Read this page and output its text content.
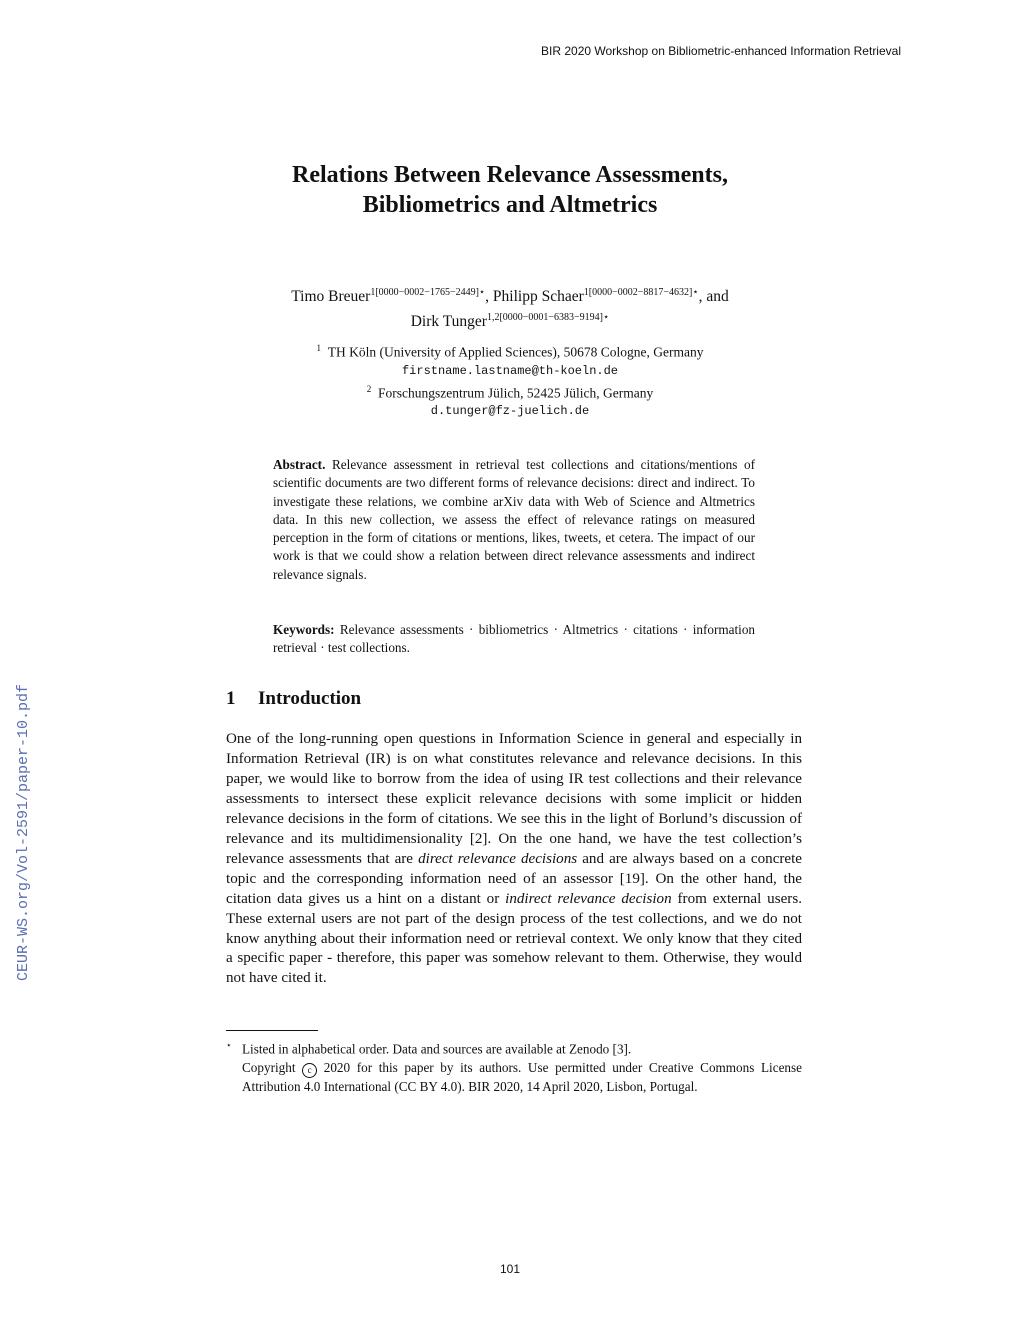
BIR 2020 Workshop on Bibliometric-enhanced Information Retrieval
CEUR-WS.org/Vol-2591/paper-10.pdf
Relations Between Relevance Assessments,
Bibliometrics and Altmetrics
Timo Breuer$^{1[0000-0002-1765-2449]⋆}$, Philipp Schaer$^{1[0000-0002-8817-4632]⋆}$, and
Dirk Tunger$^{1,2[0000-0001-6383-9194]⋆}$
$^1$ TH Köln (University of Applied Sciences), 50678 Cologne, Germany
firstname.lastname@th-koeln.de
$^2$ Forschungszentrum Jülich, 52425 Jülich, Germany
d.tunger@fz-juelich.de
Abstract. Relevance assessment in retrieval test collections and citations/mentions of scientific documents are two different forms of relevance decisions: direct and indirect. To investigate these relations, we combine arXiv data with Web of Science and Altmetrics data. In this new collection, we assess the effect of relevance ratings on measured perception in the form of citations or mentions, likes, tweets, et cetera. The impact of our work is that we could show a relation between direct relevance assessments and indirect relevance signals.
Keywords: Relevance assessments · bibliometrics · Altmetrics · citations · information retrieval · test collections.
1 Introduction
One of the long-running open questions in Information Science in general and especially in Information Retrieval (IR) is on what constitutes relevance and relevance decisions. In this paper, we would like to borrow from the idea of using IR test collections and their relevance assessments to intersect these explicit relevance decisions with some implicit or hidden relevance decisions in the form of citations. We see this in the light of Borlund’s discussion of relevance and its multidimensionality [2]. On the one hand, we have the test collection’s relevance assessments that are direct relevance decisions and are always based on a concrete topic and the corresponding information need of an assessor [19]. On the other hand, the citation data gives us a hint on a distant or indirect relevance decision from external users. These external users are not part of the design process of the test collections, and we do not know anything about their information need or retrieval context. We only know that they cited a specific paper - therefore, this paper was somehow relevant to them. Otherwise, they would not have cited it.
⋆ Listed in alphabetical order. Data and sources are available at Zenodo [3].
Copyright c 2020 for this paper by its authors. Use permitted under Creative Commons License Attribution 4.0 International (CC BY 4.0). BIR 2020, 14 April 2020, Lisbon, Portugal.
101
